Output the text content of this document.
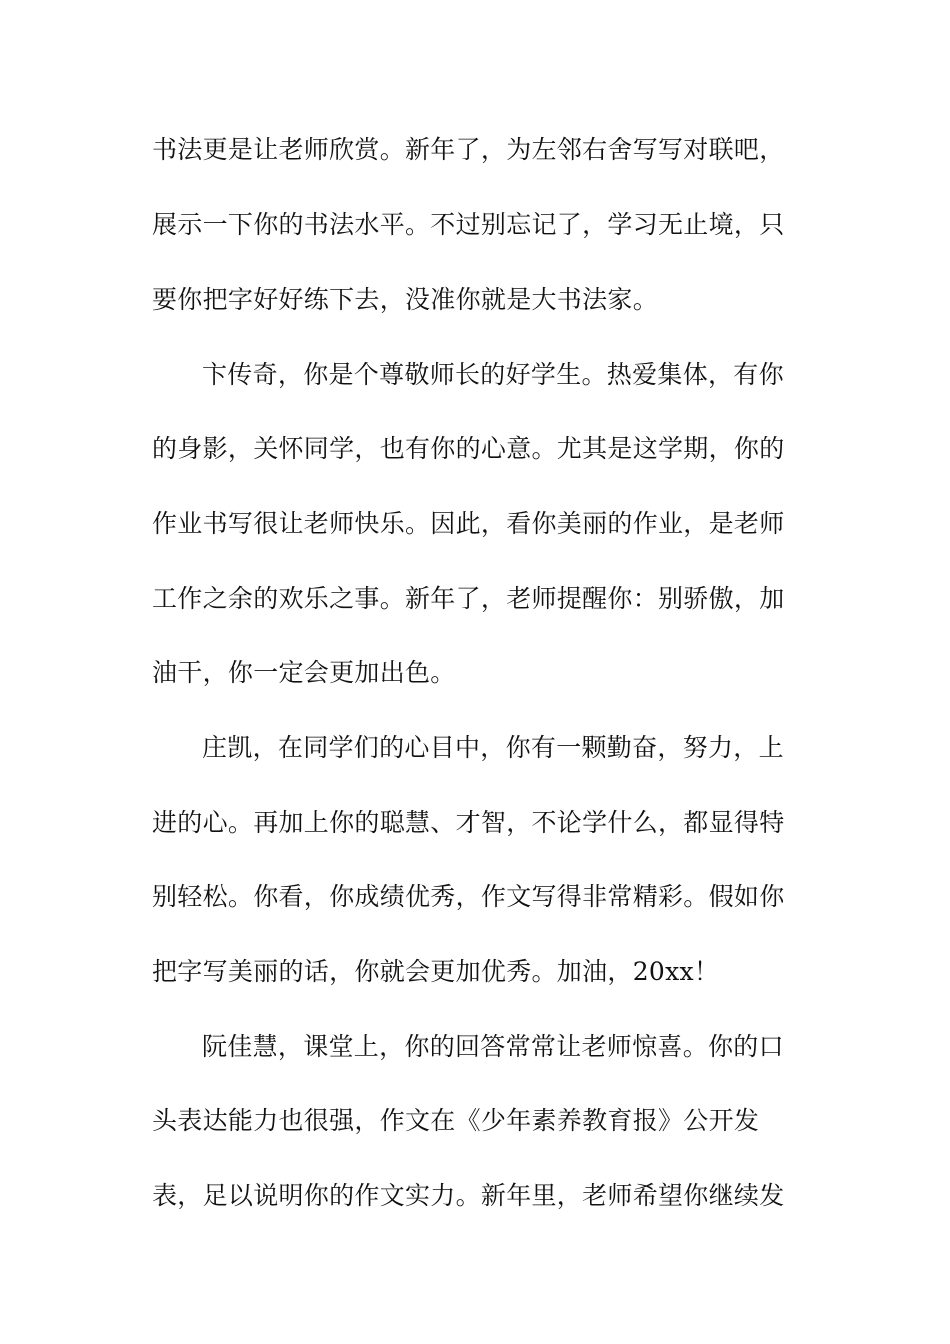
书法更是让老师欣赏。新年了，为左邻右舍写写对联吧，
展示一下你的书法水平。不过别忘记了，学习无止境，只
要你把字好好练下去，没准你就是大书法家。
卞传奇，你是个尊敬师长的好学生。热爱集体，有你
的身影，关怀同学，也有你的心意。尤其是这学期，你的
作业书写很让老师快乐。因此，看你美丽的作业，是老师
工作之余的欢乐之事。新年了，老师提醒你：别骄傲，加
油干，你一定会更加出色。
庄凯，在同学们的心目中，你有一颗勤奋，努力，上
进的心。再加上你的聪慧、才智，不论学什么，都显得特
别轻松。你看，你成绩优秀，作文写得非常精彩。假如你
把字写美丽的话，你就会更加优秀。加油，20xx！
阮佳慧，课堂上，你的回答常常让老师惊喜。你的口
头表达能力也很强，作文在《少年素养教育报》公开发
表，足以说明你的作文实力。新年里，老师希望你继续发
